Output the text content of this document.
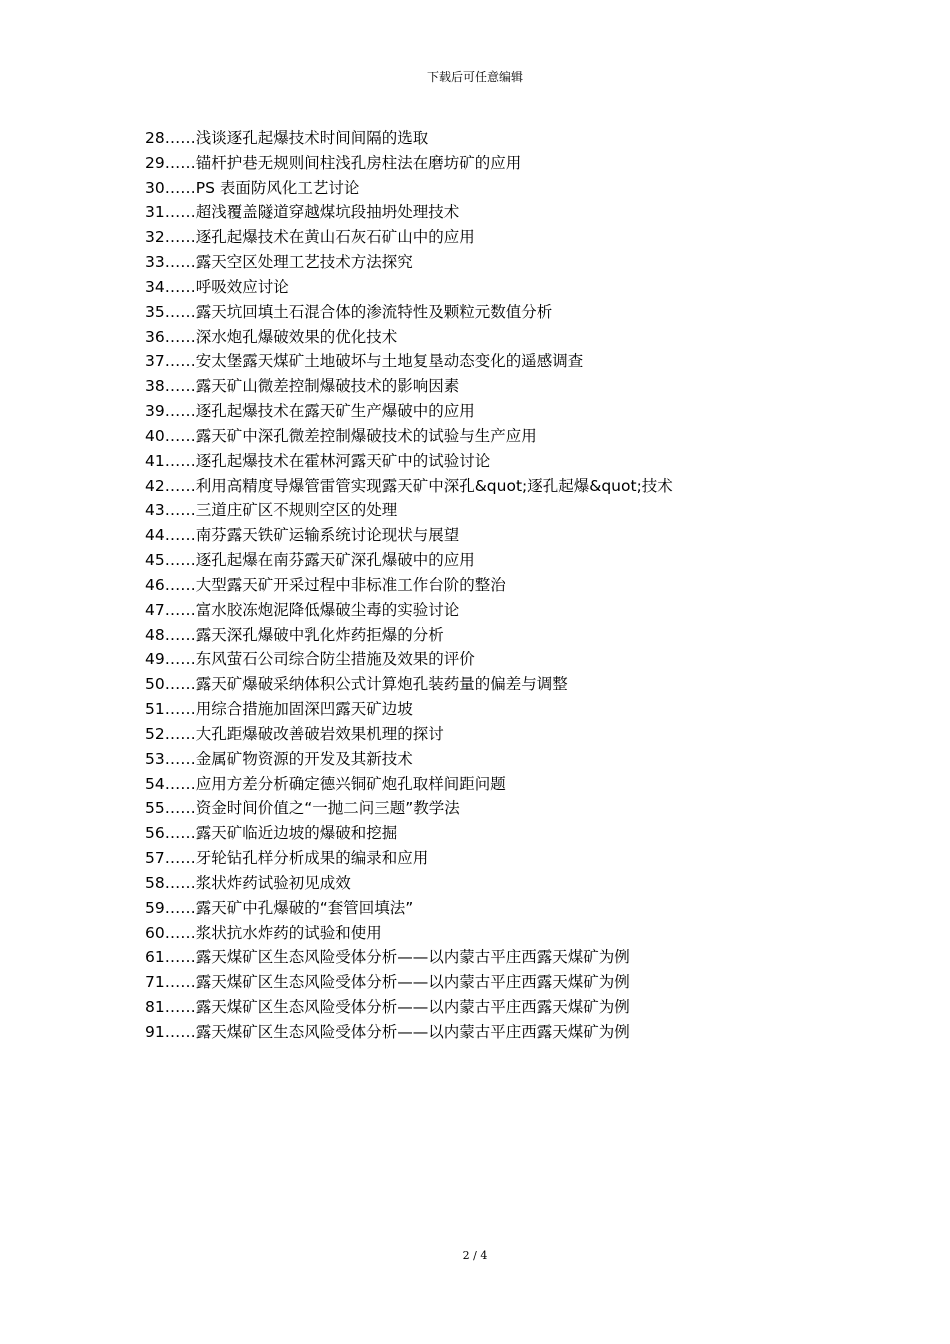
下载后可任意编辑
28……浅谈逐孔起爆技术时间间隔的选取
29……锚杆护巷无规则间柱浅孔房柱法在磨坊矿的应用
30……PS 表面防风化工艺讨论
31……超浅覆盖隧道穿越煤坑段抽坍处理技术
32……逐孔起爆技术在黄山石灰石矿山中的应用
33……露天空区处理工艺技术方法探究
34……呼吸效应讨论
35……露天坑回填土石混合体的渗流特性及颗粒元数值分析
36……深水炮孔爆破效果的优化技术
37……安太堡露天煤矿土地破坏与土地复垦动态变化的遥感调查
38……露天矿山微差控制爆破技术的影响因素
39……逐孔起爆技术在露天矿生产爆破中的应用
40……露天矿中深孔微差控制爆破技术的试验与生产应用
41……逐孔起爆技术在霍林河露天矿中的试验讨论
42……利用高精度导爆管雷管实现露天矿中深孔&quot;逐孔起爆&quot;技术
43……三道庄矿区不规则空区的处理
44……南芬露天铁矿运输系统讨论现状与展望
45……逐孔起爆在南芬露天矿深孔爆破中的应用
46……大型露天矿开采过程中非标准工作台阶的整治
47……富水胶冻炮泥降低爆破尘毒的实验讨论
48……露天深孔爆破中乳化炸药拒爆的分析
49……东风萤石公司综合防尘措施及效果的评价
50……露天矿爆破采纳体积公式计算炮孔装药量的偏差与调整
51……用综合措施加固深凹露天矿边坡
52……大孔距爆破改善破岩效果机理的探讨
53……金属矿物资源的开发及其新技术
54……应用方差分析确定德兴铜矿炮孔取样间距问题
55……资金时间价值之“一抛二问三题”教学法
56……露天矿临近边坡的爆破和挖掘
57……牙轮钻孔样分析成果的编录和应用
58……浆状炸药试验初见成效
59……露天矿中孔爆破的“套管回填法”
60……浆状抗水炸药的试验和使用
61……露天煤矿区生态风险受体分析——以内蒙古平庄西露天煤矿为例
71……露天煤矿区生态风险受体分析——以内蒙古平庄西露天煤矿为例
81……露天煤矿区生态风险受体分析——以内蒙古平庄西露天煤矿为例
91……露天煤矿区生态风险受体分析——以内蒙古平庄西露天煤矿为例
2 / 4
